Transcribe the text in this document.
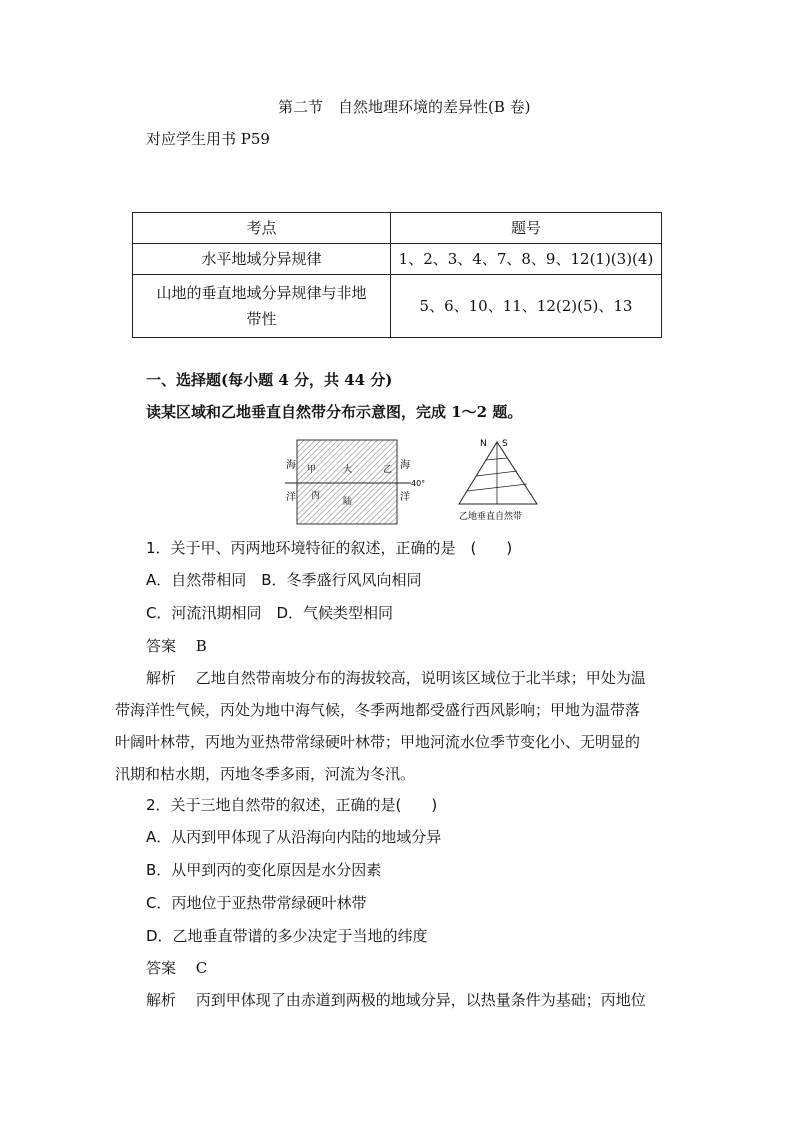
第二节　自然地理环境的差异性(B 卷)
对应学生用书 P59
考点	题号
水平地域分异规律	1、2、3、4、7、8、9、12(1)(3)(4)
山地的垂直地域分异规律与非地
带性	5、6、10、11、12(2)(5)、13
一、选择题(每小题 4 分，共 44 分)
读某区域和乙地垂直自然带分布示意图，完成 1～2 题。
海
洋
海
洋
甲	大	乙
丙
陆
40°
N S
乙地垂直自然带
1．关于甲、丙两地环境特征的叙述，正确的是　(　　)
A．自然带相同　B．冬季盛行风风向相同
C．河流汛期相同　D．气候类型相同
答案　 B
解析　 乙地自然带南坡分布的海拔较高，说明该区域位于北半球；甲处为温
带海洋性气候，丙处为地中海气候，冬季两地都受盛行西风影响；甲地为温带落
叶阔叶林带，丙地为亚热带常绿硬叶林带；甲地河流水位季节变化小、无明显的
汛期和枯水期，丙地冬季多雨，河流为冬汛。
2．关于三地自然带的叙述，正确的是(　　)
A．从丙到甲体现了从沿海向内陆的地域分异
B．从甲到丙的变化原因是水分因素
C．丙地位于亚热带常绿硬叶林带
D．乙地垂直带谱的多少决定于当地的纬度
答案　 C
解析　 丙到甲体现了由赤道到两极的地域分异，以热量条件为基础；丙地位
